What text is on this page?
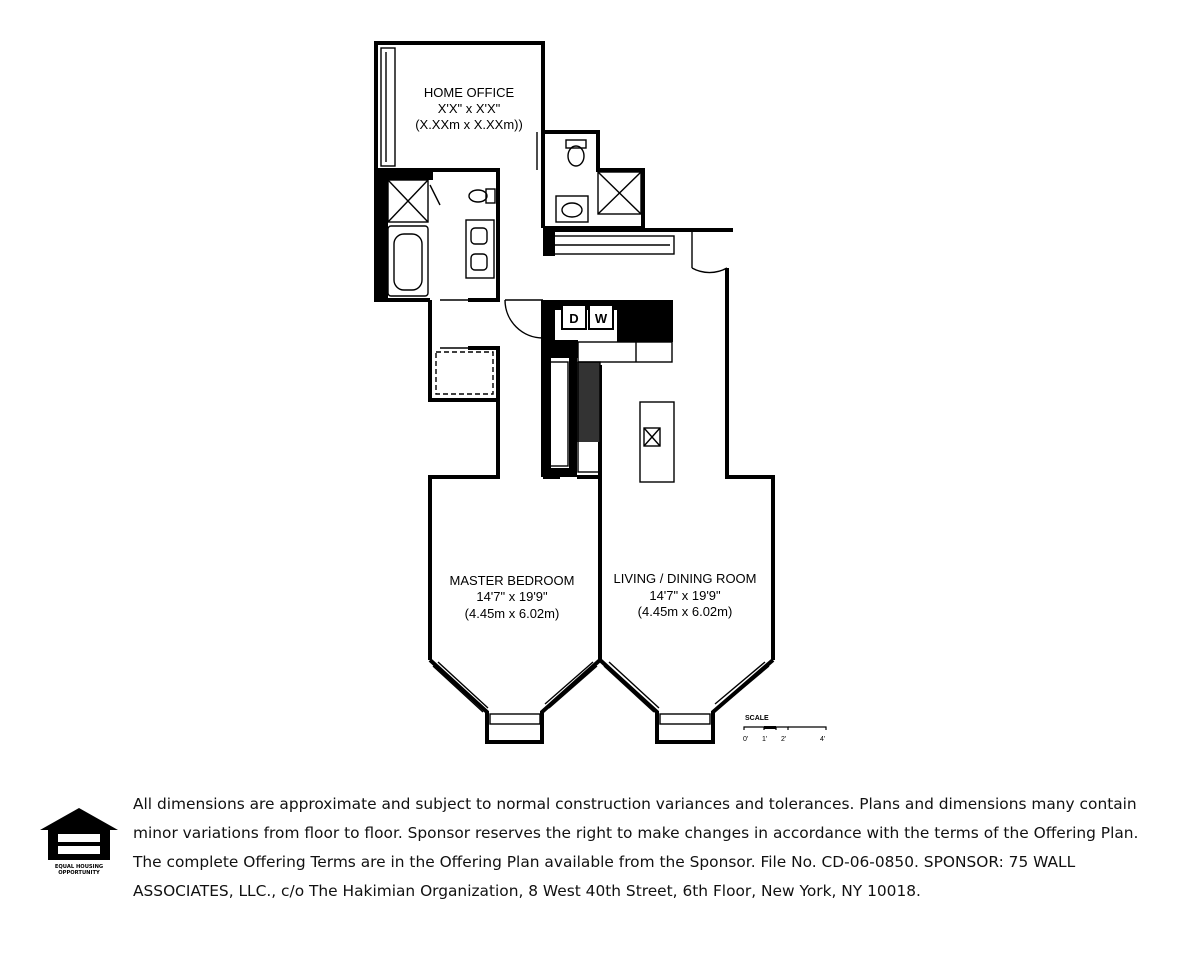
D W
HOME OFFICE
X'X" x X'X"
(X.XXm x X.XXm))
MASTER BEDROOM
14'7" x 19'9"
(4.45m x 6.02m)
LIVING / DINING ROOM
14'7" x 19'9"
(4.45m x 6.02m)
SCALE
0' 1' 2'	4'
EQUAL HOUSING OPPORTUNITY
All dimensions are approximate and subject to normal construction variances and tolerances. Plans and dimensions many contain minor variations from floor to floor. Sponsor reserves the right to make changes in accordance with the terms of the Offering Plan. The complete Offering Terms are in the Offering Plan available from the Sponsor. File No. CD-06-0850. SPONSOR: 75 WALL ASSOCIATES, LLC., c/o The Hakimian Organization, 8 West 40th Street, 6th Floor, New York, NY 10018.
